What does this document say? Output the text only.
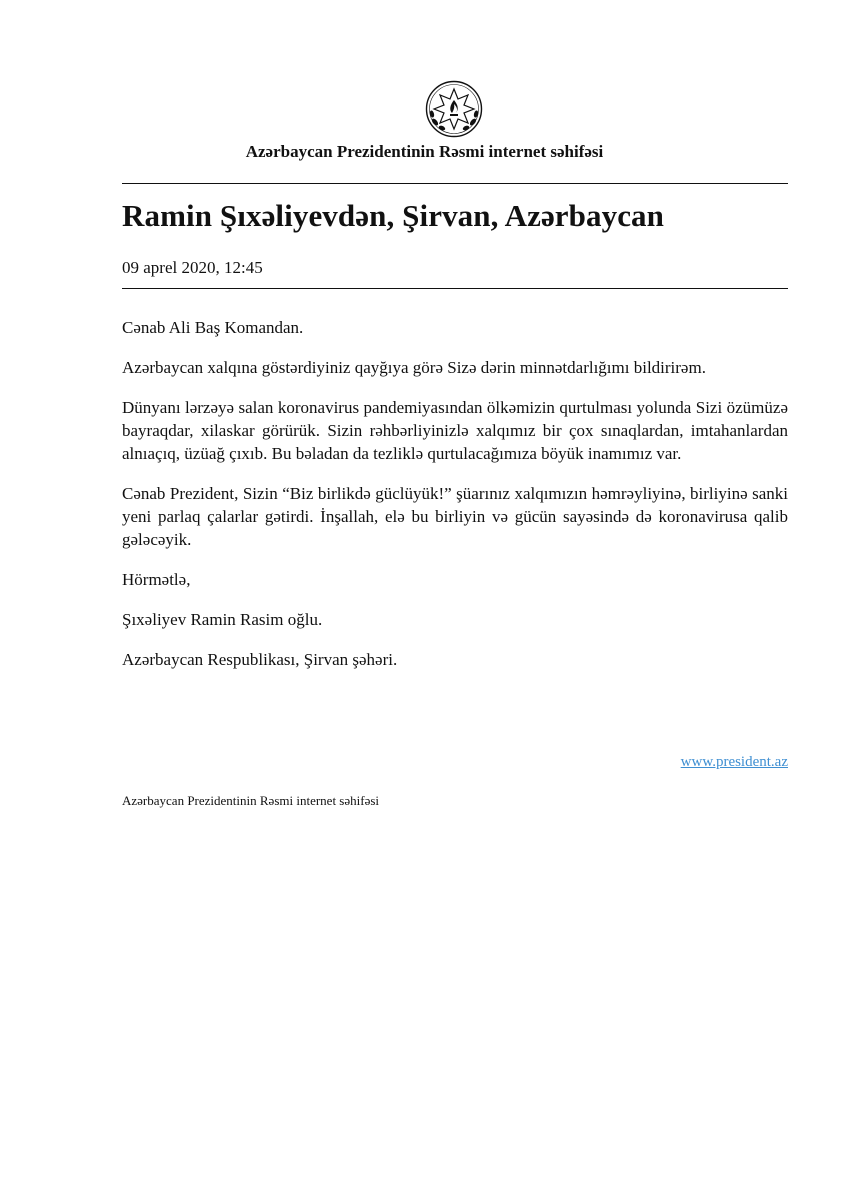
Azərbaycan Prezidentinin Rəsmi internet səhifəsi
Ramin Şıxəliyevdən, Şirvan, Azərbaycan
09 aprel 2020, 12:45

Cənab Ali Baş Komandan.

Azərbaycan xalqına göstərdiyiniz qayğıya görə Sizə dərin minnətdarlığımı bildirirəm.

Dünyanı lərzəyə salan koronavirus pandemiyasından ölkəmizin qurtulması yolunda Sizi özümüzə bayraqdar, xilaskar görürük. Sizin rəhbərliyinizlə xalqımız bir çox sınaqlardan, imtahanlardan alnıaçıq, üzüağ çıxıb. Bu bəladan da tezliklə qurtulacağımıza böyük inamımız var.

Cənab Prezident, Sizin “Biz birlikdə güclüyük!” şüarınız xalqımızın həmrəyliyinə, birliyinə sanki yeni parlaq çalarlar gətirdi. İnşallah, elə bu birliyin və gücün sayəsində də koronavirusa qalib gələcəyik.

Hörmətlə,

Şıxəliyev Ramin Rasim oğlu.

Azərbaycan Respublikası, Şirvan şəhəri.

www.president.az
Azərbaycan Prezidentinin Rəsmi internet səhifəsi
